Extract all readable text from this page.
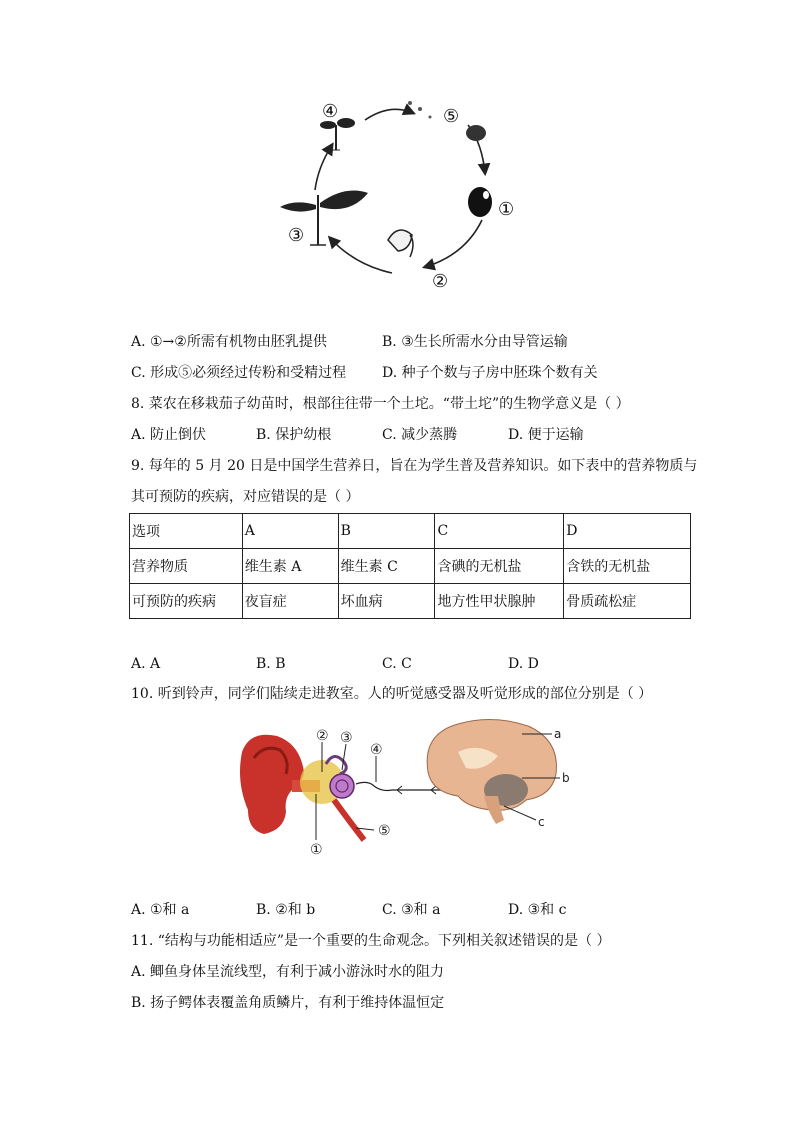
④	⑤
①
②
③
A. ①→②所需有机物由胚乳提供	B. ③生长所需水分由导管运输
C. 形成⑤必须经过传粉和受精过程	D. 种子个数与子房中胚珠个数有关
8. 菜农在移栽茄子幼苗时，根部往往带一个土坨。“带土坨”的生物学意义是（ ）
A. 防止倒伏	B. 保护幼根	C. 减少蒸腾	D. 便于运输
9. 每年的 5 月 20 日是中国学生营养日，旨在为学生普及营养知识。如下表中的营养物质与
其可预防的疾病，对应错误的是（ ）
选项	A	B	C	D
营养物质	维生素 A	维生素 C	含碘的无机盐	含铁的无机盐
可预防的疾病	夜盲症	坏血病	地方性甲状腺肿	骨质疏松症
A. A	B. B	C. C	D. D
10. 听到铃声，同学们陆续走进教室。人的听觉感受器及听觉形成的部位分别是（ ）
② ③
④
⑤
①
a
b
c
A. ①和 a	B. ②和 b	C. ③和 a	D. ③和 c
11. “结构与功能相适应”是一个重要的生命观念。下列相关叙述错误的是（ ）
A. 鲫鱼身体呈流线型，有利于减小游泳时水的阻力
B. 扬子鳄体表覆盖角质鳞片，有利于维持体温恒定
